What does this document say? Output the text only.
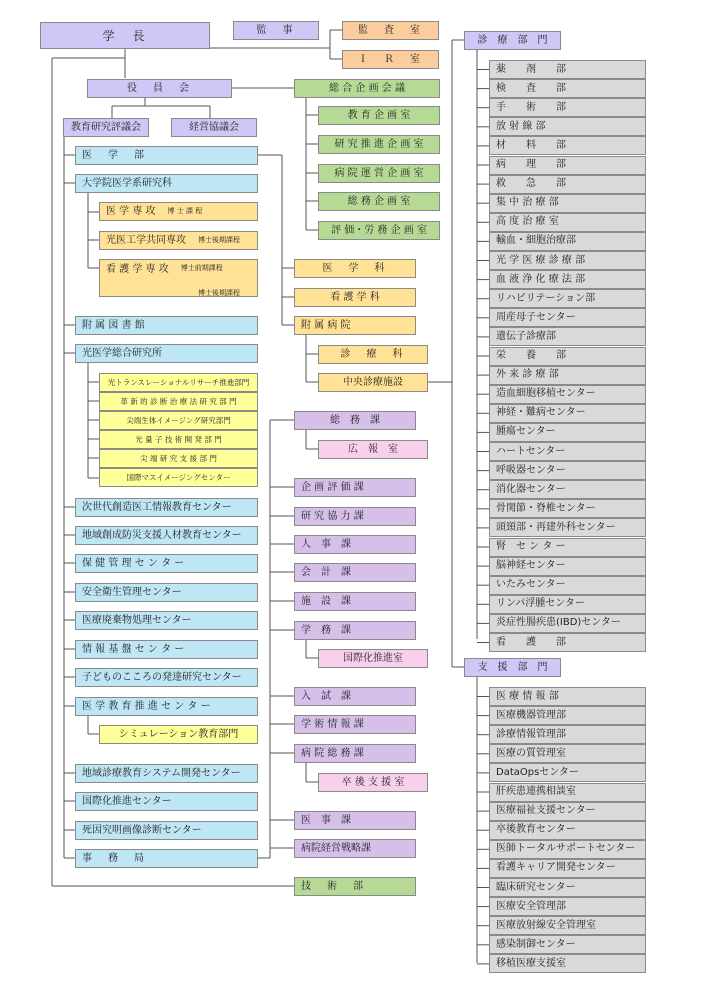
学　長	監　事	監　査　室
Ｉ　Ｒ　室
役　員　会
教育研究評議会	経営協議会
総 合 企 画 会 議
教 育 企 画 室
研 究 推 進 企 画 室
病 院 運 営 企 画 室
総 務 企 画 室
評 価・労 務 企 画 室
医　学　部
大学院医学系研究科
医 学 専 攻 博 士 課 程
光医工学共同専攻 博士後期課程
看 護 学 専 攻 博士前期課程
博士後期課程
医　学　科
看 護 学 科
附 属 病 院
診　療　科
中央診療施設
附 属 図 書 館
光医学総合研究所
光トランスレーショナルリサーチ推進部門
革 新 的 診 断 治 療 法 研 究 部 門
尖端生体イメージング研究部門
光 量 子 技 術 開 発 部 門
尖 端 研 究 支 援 部 門
国際マスイメージングセンター
次世代創造医工情報教育センター
地域創成防災支援人材教育センター
保 健 管 理 セ ン タ ー
安全衛生管理センター
医療廃棄物処理センター
情 報 基 盤 セ ン タ ー
子どものこころの発達研究センター
医 学 教 育 推 進 セ ン タ ー
シミュレーション教育部門
地域診療教育システム開発センター
国際化推進センター
死因究明画像診断センター
事　務　局
総　務　課
広　報　室
企 画 評 価 課
研 究 協 力 課
人　事　課
会　計　課
施　設　課
学　務　課
国際化推進室
入　試　課
学 術 情 報 課
病 院 総 務 課
卒 後 支 援 室
医　事　課
病院経営戦略課
技　術　部
診　療　部　門
薬　　剤　　部
検　　査　　部
手　　術　　部
放 射 線 部
材　　料　　部
病　　理　　部
救　　急　　部
集 中 治 療 部
高 度 治 療 室
輸血・細胞治療部
光 学 医 療 診 療 部
血 液 浄 化 療 法 部
リハビリテーション部
周産母子センター
遺伝子診療部
栄　　養　　部
外 来 診 療 部
造血細胞移植センター
神経・難病センター
腫瘍センター
ハートセンター
呼吸器センター
消化器センター
骨関節・脊椎センター
頭頸部・再建外科センター
腎　セ ン タ ー
脳神経センター
いたみセンター
リンパ浮腫センター
炎症性腸疾患(IBD)センター
看　　護　　部
支　援　部　門
医 療 情 報 部
医療機器管理部
診療情報管理部
医療の質管理室
DataOpsセンター
肝疾患連携相談室
医療福祉支援センター
卒後教育センター
医師トータルサポートセンター
看護キャリア開発センター
臨床研究センター
医療安全管理部
医療放射線安全管理室
感染制御センター
移植医療支援室
